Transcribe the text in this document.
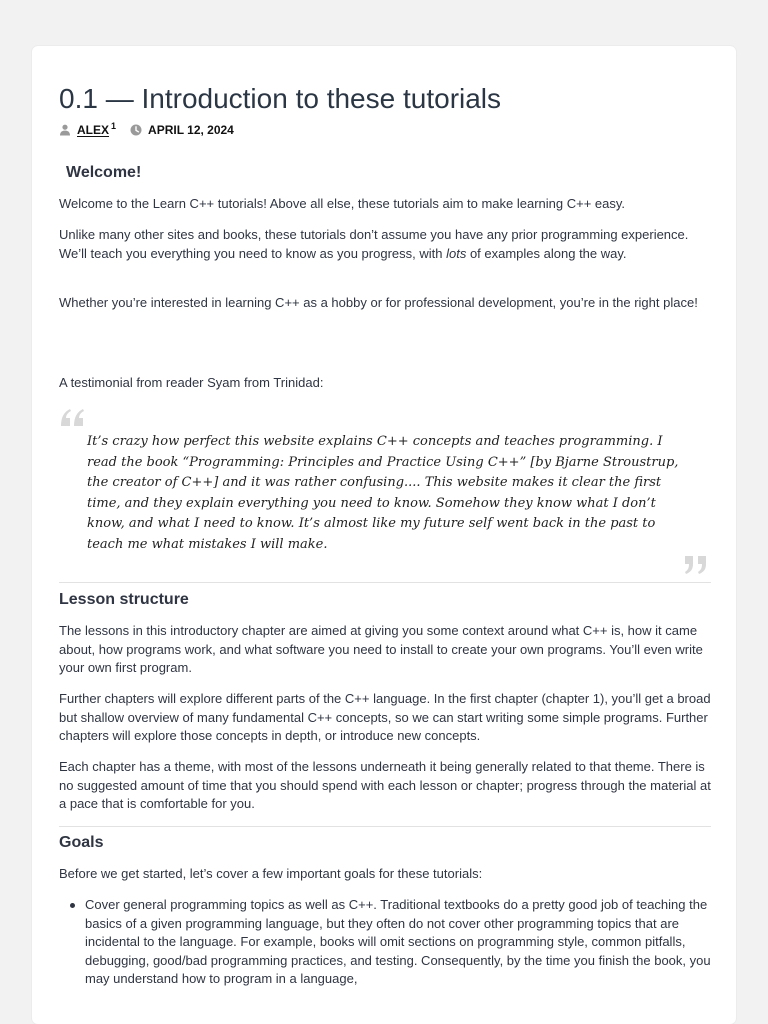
0.1 — Introduction to these tutorials
ALEX 1	APRIL 12, 2024
Welcome!

Welcome to the Learn C++ tutorials! Above all else, these tutorials aim to make learning C++ easy.

Unlike many other sites and books, these tutorials don’t assume you have any prior programming experience. We’ll teach you everything you need to know as you progress, with lots of examples along the way.

Whether you’re interested in learning C++ as a hobby or for professional development, you’re in the right place!

A testimonial from reader Syam from Trinidad:

It’s crazy how perfect this website explains C++ concepts and teaches programming. I read the book “Programming: Principles and Practice Using C++” [by Bjarne Stroustrup, the creator of C++] and it was rather confusing.... This website makes it clear the first time, and they explain everything you need to know. Somehow they know what I don’t know, and what I need to know. It’s almost like my future self went back in the past to teach me what mistakes I will make.

Lesson structure

The lessons in this introductory chapter are aimed at giving you some context around what C++ is, how it came about, how programs work, and what software you need to install to create your own programs. You’ll even write your own first program.

Further chapters will explore different parts of the C++ language. In the first chapter (chapter 1), you’ll get a broad but shallow overview of many fundamental C++ concepts, so we can start writing some simple programs. Further chapters will explore those concepts in depth, or introduce new concepts.

Each chapter has a theme, with most of the lessons underneath it being generally related to that theme. There is no suggested amount of time that you should spend with each lesson or chapter; progress through the material at a pace that is comfortable for you.

Goals

Before we get started, let’s cover a few important goals for these tutorials:

Cover general programming topics as well as C++. Traditional textbooks do a pretty good job of teaching the basics of a given programming language, but they often do not cover other programming topics that are incidental to the language. For example, books will omit sections on programming style, common pitfalls, debugging, good/bad programming practices, and testing. Consequently, by the time you finish the book, you may understand how to program in a language,
